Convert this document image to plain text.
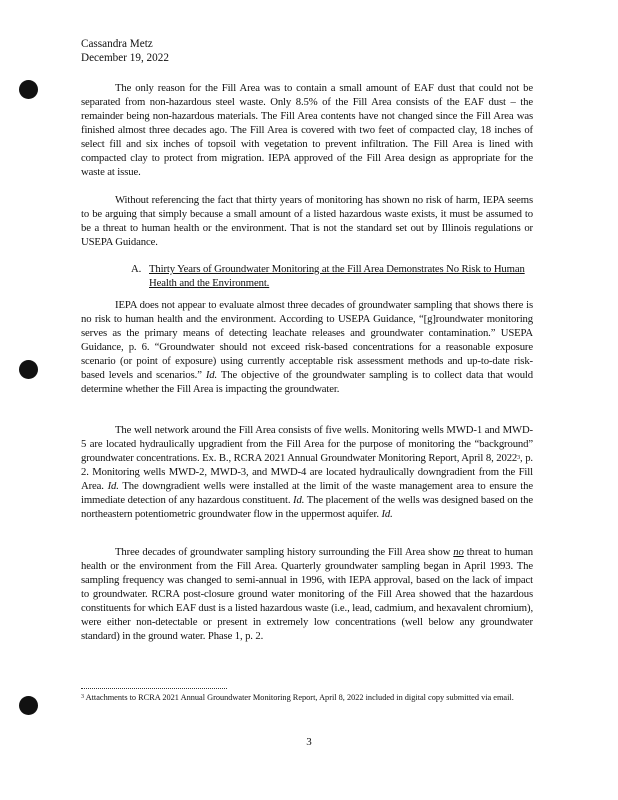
Cassandra Metz
December 19, 2022

The only reason for the Fill Area was to contain a small amount of EAF dust that could not be separated from non-hazardous steel waste. Only 8.5% of the Fill Area consists of the EAF dust – the remainder being non-hazardous materials. The Fill Area contents have not changed since the Fill Area was finished almost three decades ago. The Fill Area is covered with two feet of compacted clay, 18 inches of select fill and six inches of topsoil with vegetation to prevent infiltration. The Fill Area is lined with compacted clay to protect from migration. IEPA approved of the Fill Area design as appropriate for the waste at issue.

Without referencing the fact that thirty years of monitoring has shown no risk of harm, IEPA seems to be arguing that simply because a small amount of a listed hazardous waste exists, it must be assumed to be a threat to human health or the environment. That is not the standard set out by Illinois regulations or USEPA Guidance.

A. Thirty Years of Groundwater Monitoring at the Fill Area Demonstrates No Risk to Human Health and the Environment.

IEPA does not appear to evaluate almost three decades of groundwater sampling that shows there is no risk to human health and the environment. According to USEPA Guidance, “[g]roundwater monitoring serves as the primary means of detecting leachate releases and groundwater contamination.” USEPA Guidance, p. 6. “Groundwater should not exceed risk-based concentrations for a reasonable exposure scenario (or point of exposure) using currently acceptable risk assessment methods and up-to-date risk-based levels and scenarios.” Id. The objective of the groundwater sampling is to collect data that would determine whether the Fill Area is impacting the groundwater.

The well network around the Fill Area consists of five wells. Monitoring wells MWD-1 and MWD-5 are located hydraulically upgradient from the Fill Area for the purpose of monitoring the “background” groundwater concentrations. Ex. B., RCRA 2021 Annual Groundwater Monitoring Report, April 8, 2022$^3$, p. 2. Monitoring wells MWD-2, MWD-3, and MWD-4 are located hydraulically downgradient from the Fill Area. Id. The downgradient wells were installed at the limit of the waste management area to ensure the immediate detection of any hazardous constituent. Id. The placement of the wells was designed based on the northeastern potentiometric groundwater flow in the uppermost aquifer. Id.

Three decades of groundwater sampling history surrounding the Fill Area show no threat to human health or the environment from the Fill Area. Quarterly groundwater sampling began in April 1993. The sampling frequency was changed to semi-annual in 1996, with IEPA approval, based on the lack of impact to groundwater. RCRA post-closure ground water monitoring of the Fill Area showed that the hazardous constituents for which EAF dust is a listed hazardous waste (i.e., lead, cadmium, and hexavalent chromium), were either non-detectable or present in extremely low concentrations (well below any groundwater standard) in the ground water. Phase 1, p. 2.

$^3$ Attachments to RCRA 2021 Annual Groundwater Monitoring Report, April 8, 2022 included in digital copy submitted via email.
3
